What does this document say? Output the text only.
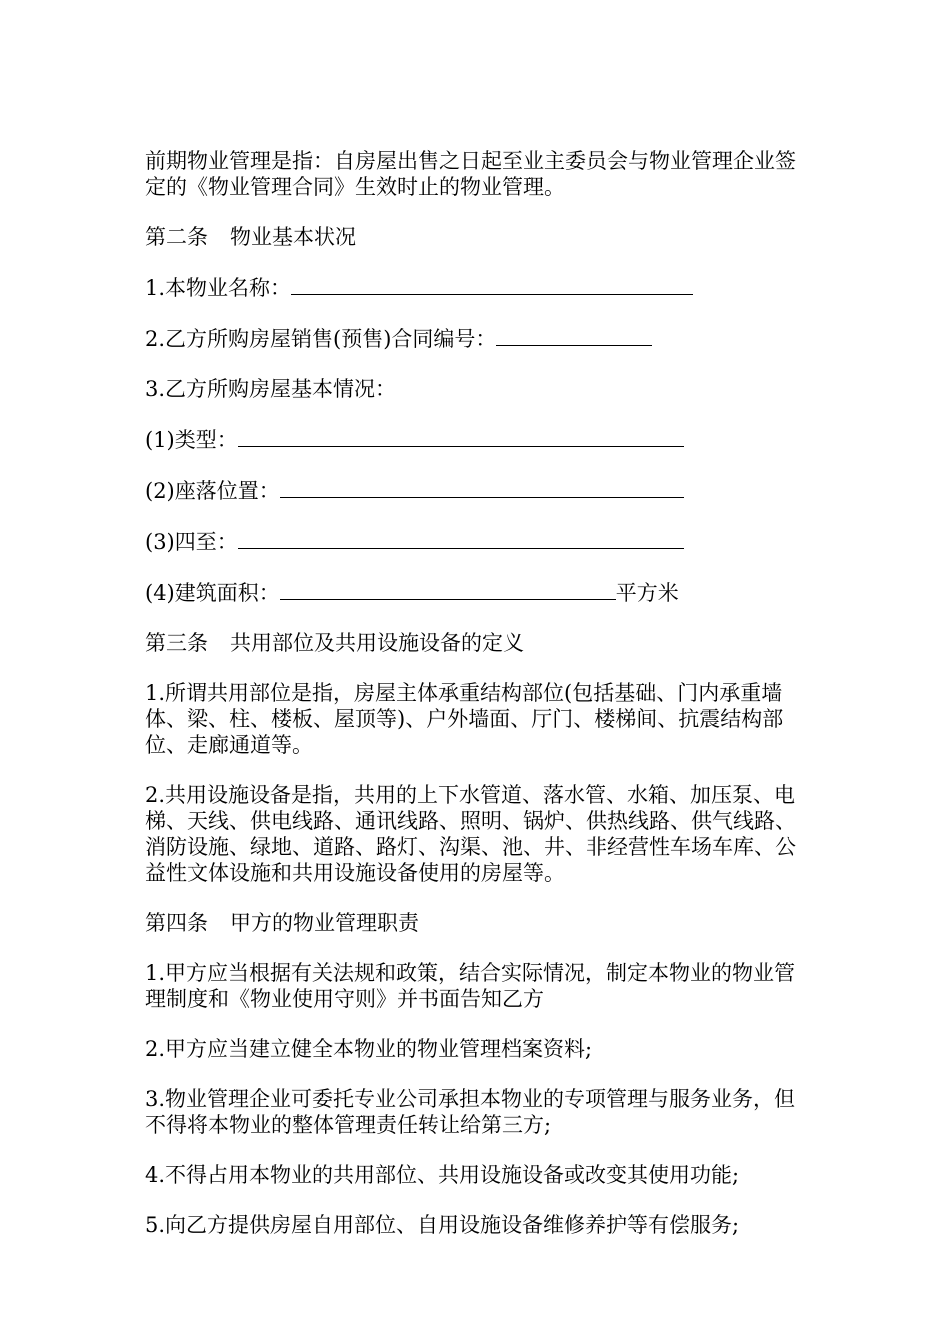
前期物业管理是指：自房屋出售之日起至业主委员会与物业管理企业签定的《物业管理合同》生效时止的物业管理。

第二条 物业基本状况

1.本物业名称：

2.乙方所购房屋销售(预售)合同编号：

3.乙方所购房屋基本情况：

(1)类型：

(2)座落位置：

(3)四至：

(4)建筑面积：	平方米

第三条 共用部位及共用设施设备的定义

1.所谓共用部位是指，房屋主体承重结构部位(包括基础、门内承重墙体、梁、柱、楼板、屋顶等)、户外墙面、厅门、楼梯间、抗震结构部位、走廊通道等。

2.共用设施设备是指，共用的上下水管道、落水管、水箱、加压泵、电梯、天线、供电线路、通讯线路、照明、锅炉、供热线路、供气线路、消防设施、绿地、道路、路灯、沟渠、池、井、非经营性车场车库、公益性文体设施和共用设施设备使用的房屋等。

第四条 甲方的物业管理职责

1.甲方应当根据有关法规和政策，结合实际情况，制定本物业的物业管理制度和《物业使用守则》并书面告知乙方

2.甲方应当建立健全本物业的物业管理档案资料;

3.物业管理企业可委托专业公司承担本物业的专项管理与服务业务，但不得将本物业的整体管理责任转让给第三方;

4.不得占用本物业的共用部位、共用设施设备或改变其使用功能;

5.向乙方提供房屋自用部位、自用设施设备维修养护等有偿服务;
